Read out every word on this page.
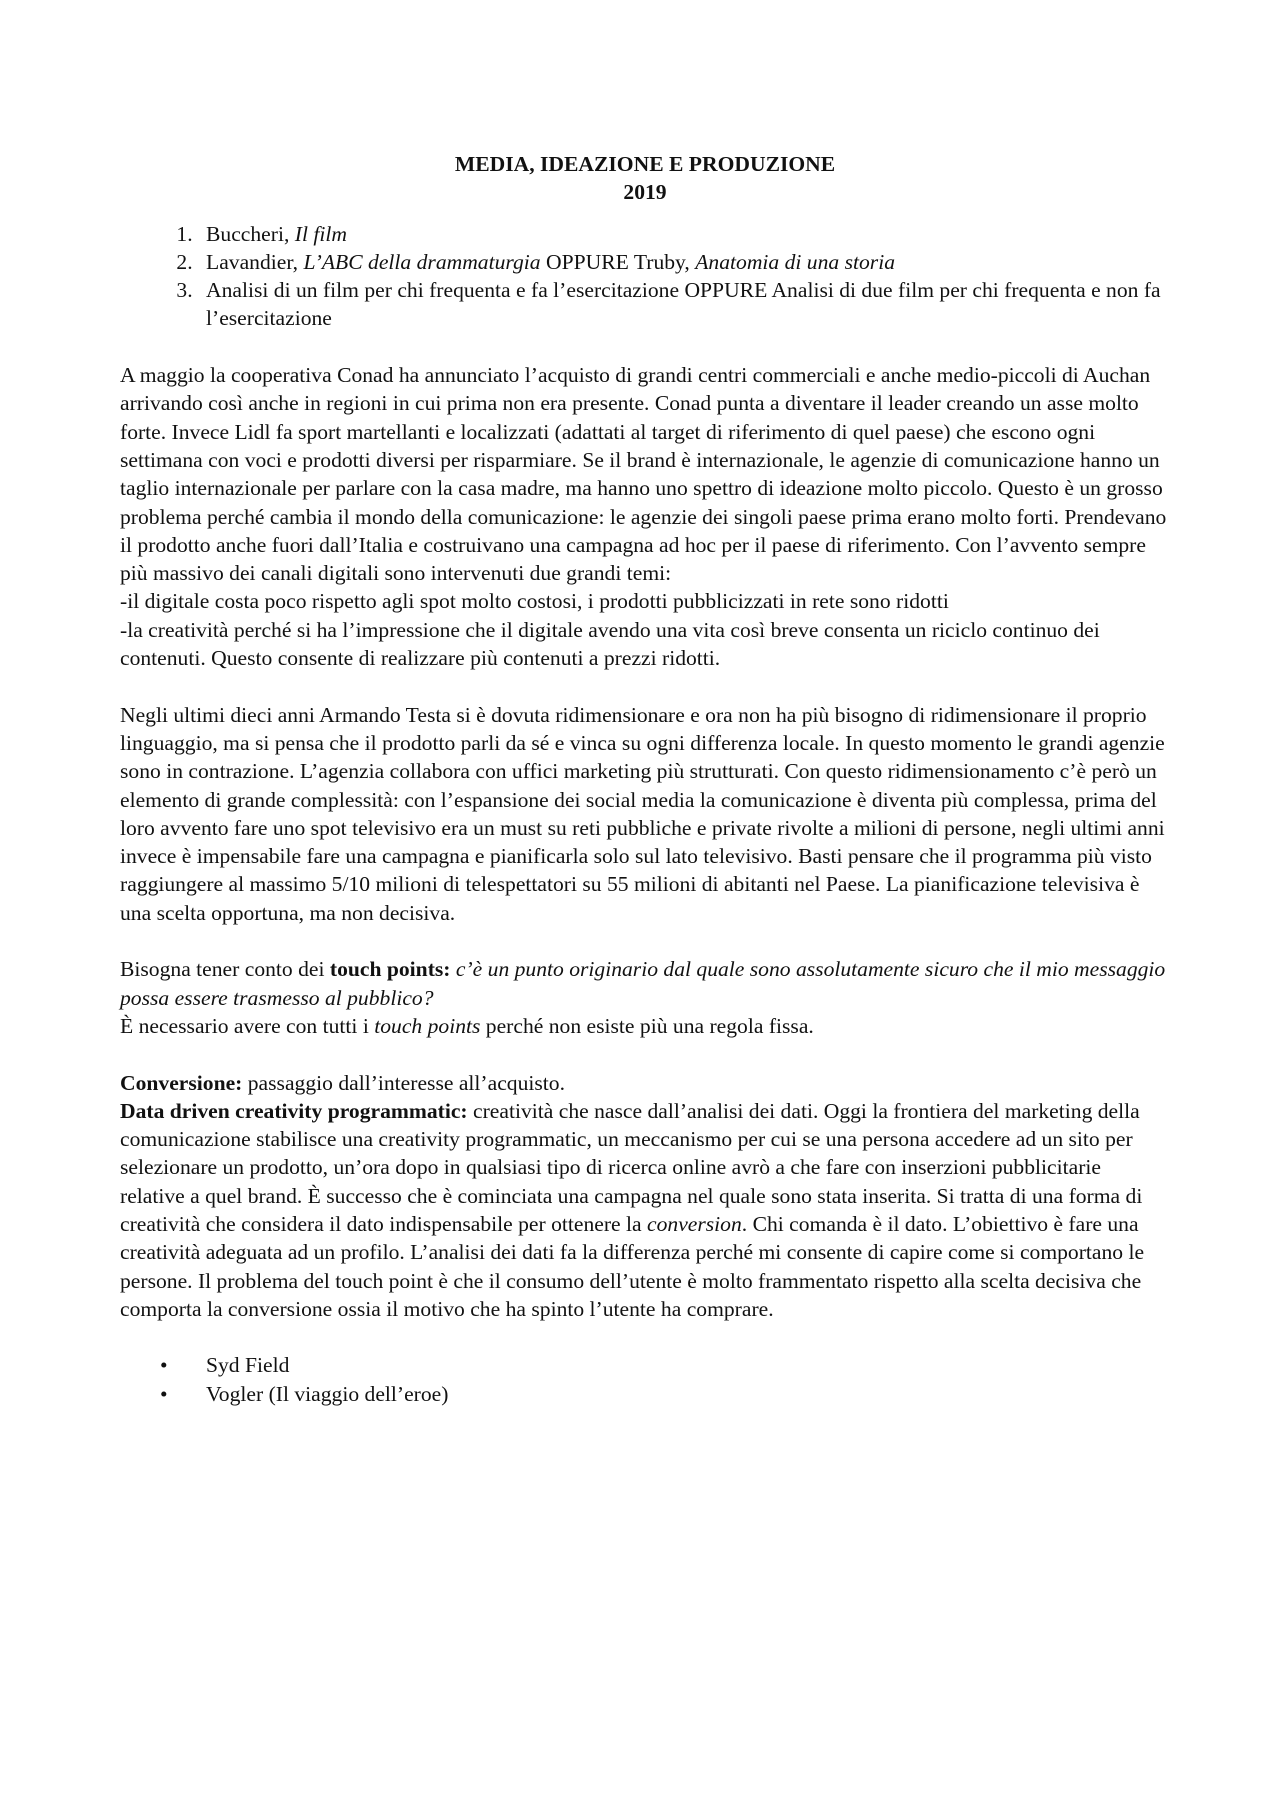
MEDIA, IDEAZIONE E PRODUZIONE
2019
1. Buccheri, Il film
2. Lavandier, L’ABC della drammaturgia OPPURE Truby, Anatomia di una storia
3. Analisi di un film per chi frequenta e fa l’esercitazione OPPURE Analisi di due film per chi frequenta e non fa l’esercitazione

A maggio la cooperativa Conad ha annunciato l’acquisto di grandi centri commerciali e anche medio-piccoli di Auchan arrivando così anche in regioni in cui prima non era presente. Conad punta a diventare il leader creando un asse molto forte. Invece Lidl fa sport martellanti e localizzati (adattati al target di riferimento di quel paese) che escono ogni settimana con voci e prodotti diversi per risparmiare. Se il brand è internazionale, le agenzie di comunicazione hanno un taglio internazionale per parlare con la casa madre, ma hanno uno spettro di ideazione molto piccolo. Questo è un grosso problema perché cambia il mondo della comunicazione: le agenzie dei singoli paese prima erano molto forti. Prendevano il prodotto anche fuori dall’Italia e costruivano una campagna ad hoc per il paese di riferimento. Con l’avvento sempre più massivo dei canali digitali sono intervenuti due grandi temi:

-il digitale costa poco rispetto agli spot molto costosi, i prodotti pubblicizzati in rete sono ridotti

-la creatività perché si ha l’impressione che il digitale avendo una vita così breve consenta un riciclo continuo dei contenuti. Questo consente di realizzare più contenuti a prezzi ridotti.

Negli ultimi dieci anni Armando Testa si è dovuta ridimensionare e ora non ha più bisogno di ridimensionare il proprio linguaggio, ma si pensa che il prodotto parli da sé e vinca su ogni differenza locale. In questo momento le grandi agenzie sono in contrazione. L’agenzia collabora con uffici marketing più strutturati. Con questo ridimensionamento c’è però un elemento di grande complessità: con l’espansione dei social media la comunicazione è diventa più complessa, prima del loro avvento fare uno spot televisivo era un must su reti pubbliche e private rivolte a milioni di persone, negli ultimi anni invece è impensabile fare una campagna e pianificarla solo sul lato televisivo. Basti pensare che il programma più visto raggiungere al massimo 5/10 milioni di telespettatori su 55 milioni di abitanti nel Paese. La pianificazione televisiva è una scelta opportuna, ma non decisiva.

Bisogna tener conto dei touch points: c’è un punto originario dal quale sono assolutamente sicuro che il mio messaggio possa essere trasmesso al pubblico?

È necessario avere con tutti i touch points perché non esiste più una regola fissa.

Conversione: passaggio dall’interesse all’acquisto.

Data driven creativity programmatic: creatività che nasce dall’analisi dei dati. Oggi la frontiera del marketing della comunicazione stabilisce una creativity programmatic, un meccanismo per cui se una persona accedere ad un sito per selezionare un prodotto, un’ora dopo in qualsiasi tipo di ricerca online avrò a che fare con inserzioni pubblicitarie relative a quel brand. È successo che è cominciata una campagna nel quale sono stata inserita. Si tratta di una forma di creatività che considera il dato indispensabile per ottenere la conversion. Chi comanda è il dato. L’obiettivo è fare una creatività adeguata ad un profilo. L’analisi dei dati fa la differenza perché mi consente di capire come si comportano le persone. Il problema del touch point è che il consumo dell’utente è molto frammentato rispetto alla scelta decisiva che comporta la conversione ossia il motivo che ha spinto l’utente ha comprare.

• Syd Field
• Vogler (Il viaggio dell’eroe)
